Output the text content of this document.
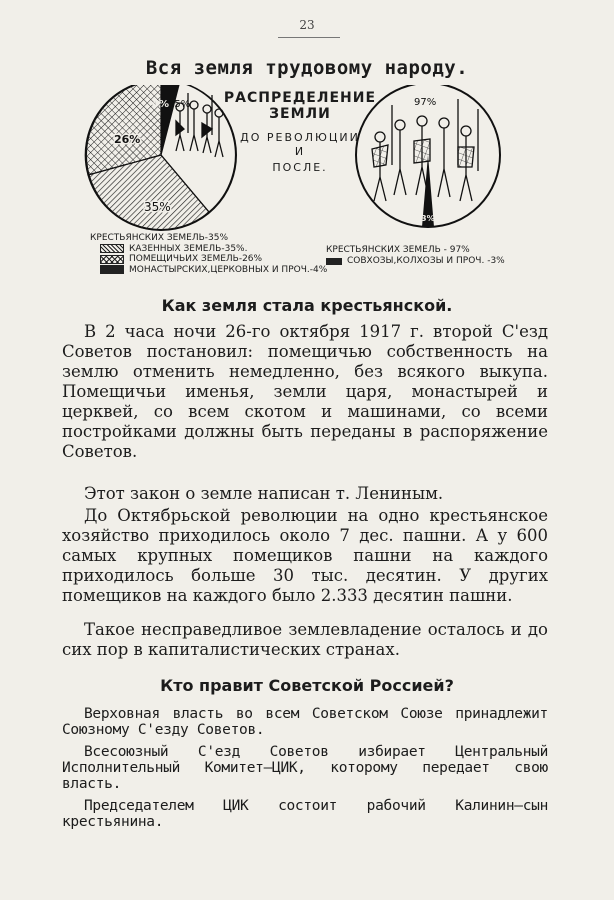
23
Вся земля трудовому народу.
4% 35%
26%
35%
97%
3%
РАСПРЕДЕЛЕНИЕ
ЗЕМЛИ
ДО РЕВОЛЮЦИИ
И
ПОСЛЕ.
КРЕСТЬЯНСКИХ ЗЕМЕЛЬ-35%
КАЗЕННЫХ ЗЕМЕЛЬ-35%.
ПОМЕЩИЧЬИХ ЗЕМЕЛЬ-26%
МОНАСТЫРСКИХ,ЦЕРКОВНЫХ И ПРОЧ.-4%
КРЕСТЬЯНСКИХ ЗЕМЕЛЬ - 97%
СОВХОЗЫ,КОЛХОЗЫ И ПРОЧ. -3%
Как земля стала крестьянской.

В 2 часа ночи 26-го октября 1917 г. второй С'езд Советов постановил: помещичью собственность на землю отменить немедленно, без всякого выкупа. Помещичьи именья, земли царя, монастырей и церквей, со всем скотом и машинами, со всеми постройками должны быть переданы в распоряжение Советов.

Этот закон о земле написан т. Лениным.

До Октябрьской революции на одно крестьянское хозяйство приходилось около 7 дес. пашни. А у 600 самых крупных помещиков пашни на каждого приходилось больше 30 тыс. десятин. У других помещиков на каждого было 2.333 десятин пашни.

Такое несправедливое землевладение осталось и до сих пор в капиталистических странах.

Кто правит Советской Россией?

Верховная власть во всем Советском Союзе принадлежит Союзному С'езду Советов.

Всесоюзный С'езд Советов избирает Центральный Исполнительный Комитет—ЦИК, которому передает свою власть.

Председателем ЦИК состоит рабочий Калинин—сын крестьянина.
